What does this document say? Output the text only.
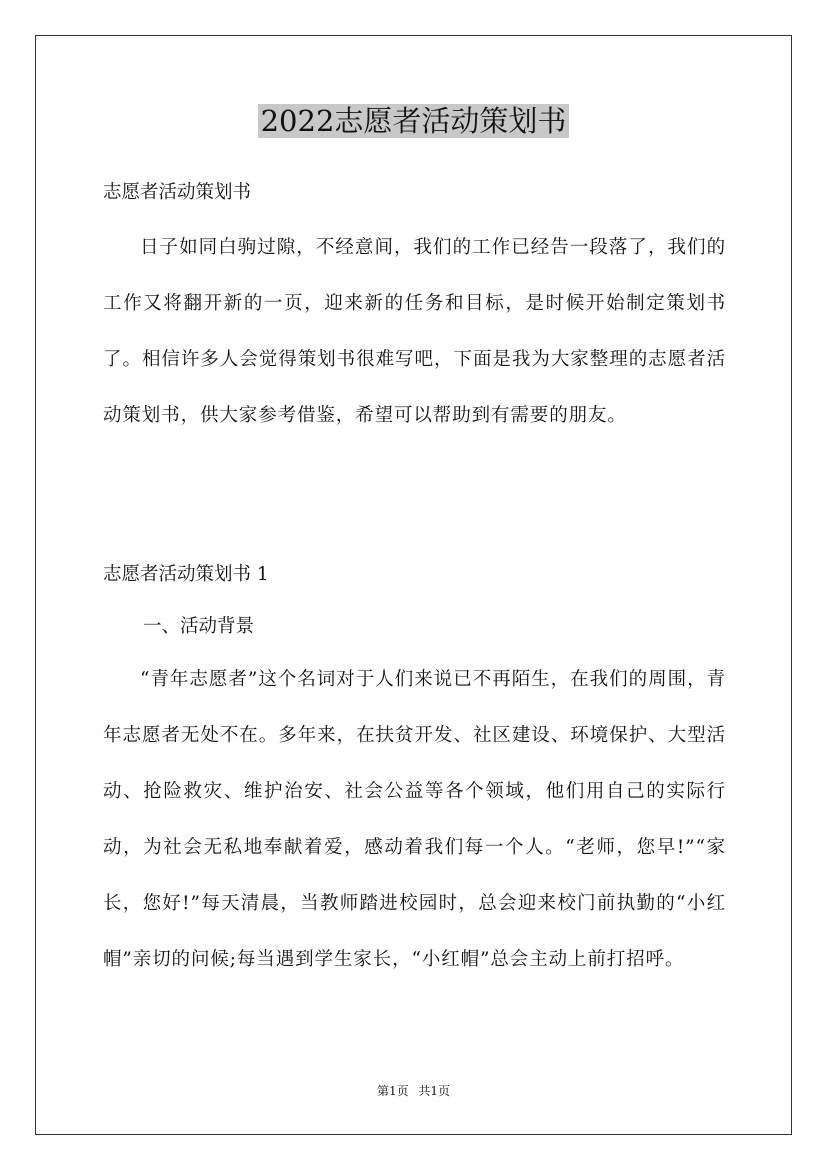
2022志愿者活动策划书

志愿者活动策划书

日子如同白驹过隙，不经意间，我们的工作已经告一段落了，我们的工作又将翻开新的一页，迎来新的任务和目标，是时候开始制定策划书了。相信许多人会觉得策划书很难写吧，下面是我为大家整理的志愿者活动策划书，供大家参考借鉴，希望可以帮助到有需要的朋友。

志愿者活动策划书 1

一、活动背景

“青年志愿者”这个名词对于人们来说已不再陌生，在我们的周围，青年志愿者无处不在。多年来，在扶贫开发、社区建设、环境保护、大型活动、抢险救灾、维护治安、社会公益等各个领域，他们用自己的实际行动，为社会无私地奉献着爱，感动着我们每一个人。“老师，您早!”“家长，您好!”每天清晨，当教师踏进校园时，总会迎来校门前执勤的“小红帽”亲切的问候;每当遇到学生家长，“小红帽”总会主动上前打招呼。

第1页 共1页
